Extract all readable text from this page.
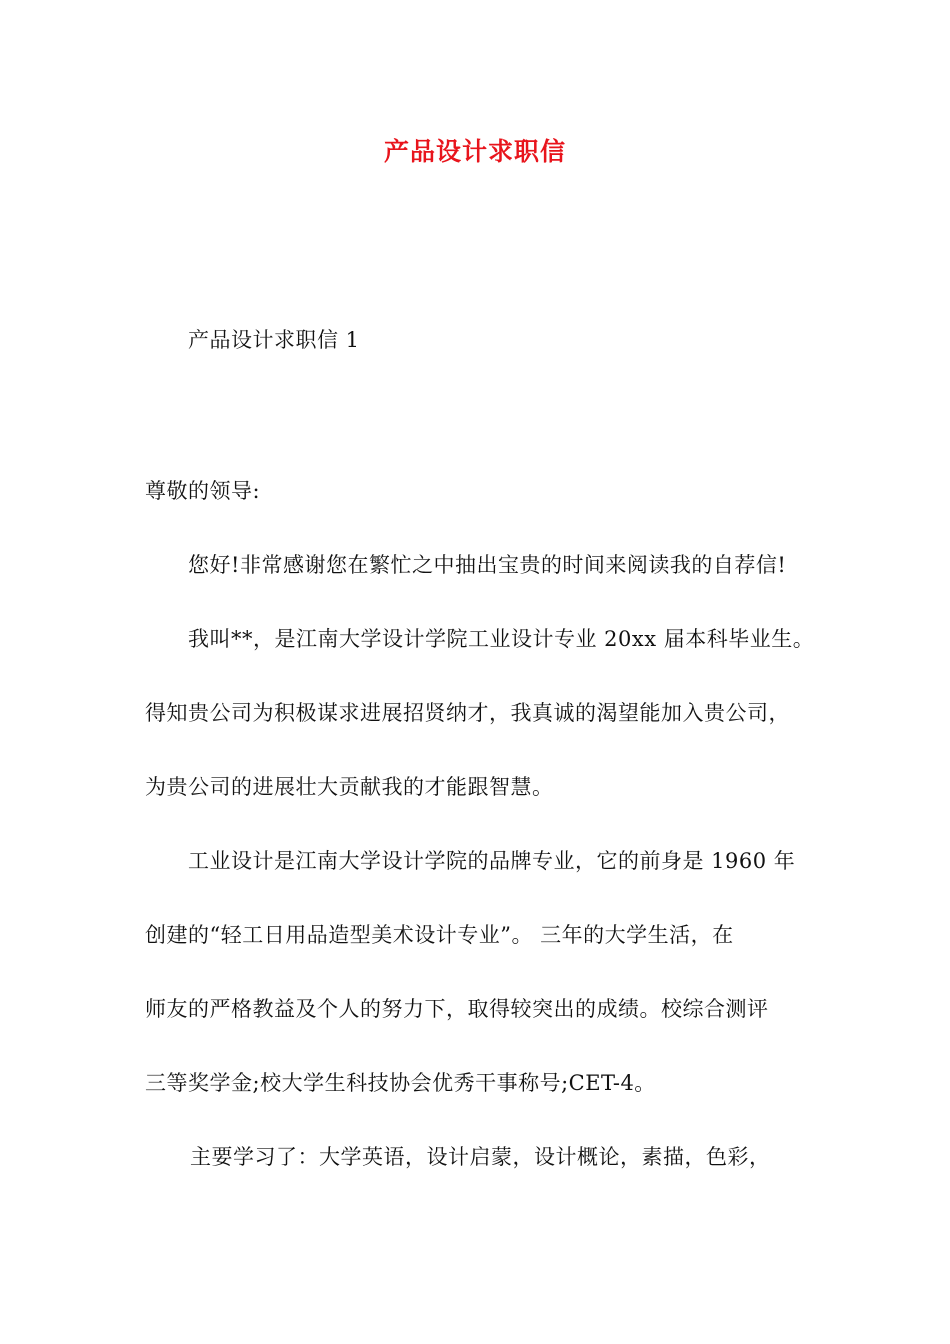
产品设计求职信
产品设计求职信 1
尊敬的领导:
您好!非常感谢您在繁忙之中抽出宝贵的时间来阅读我的自荐信!
我叫**，是江南大学设计学院工业设计专业 20xx 届本科毕业生。
得知贵公司为积极谋求进展招贤纳才，我真诚的渴望能加入贵公司，
为贵公司的进展壮大贡献我的才能跟智慧。
工业设计是江南大学设计学院的品牌专业，它的前身是 1960 年
创建的“轻工日用品造型美术设计专业”。 三年的大学生活，在
师友的严格教益及个人的努力下，取得较突出的成绩。校综合测评
三等奖学金;校大学生科技协会优秀干事称号;CET-4。
主要学习了：大学英语，设计启蒙，设计概论，素描，色彩，
